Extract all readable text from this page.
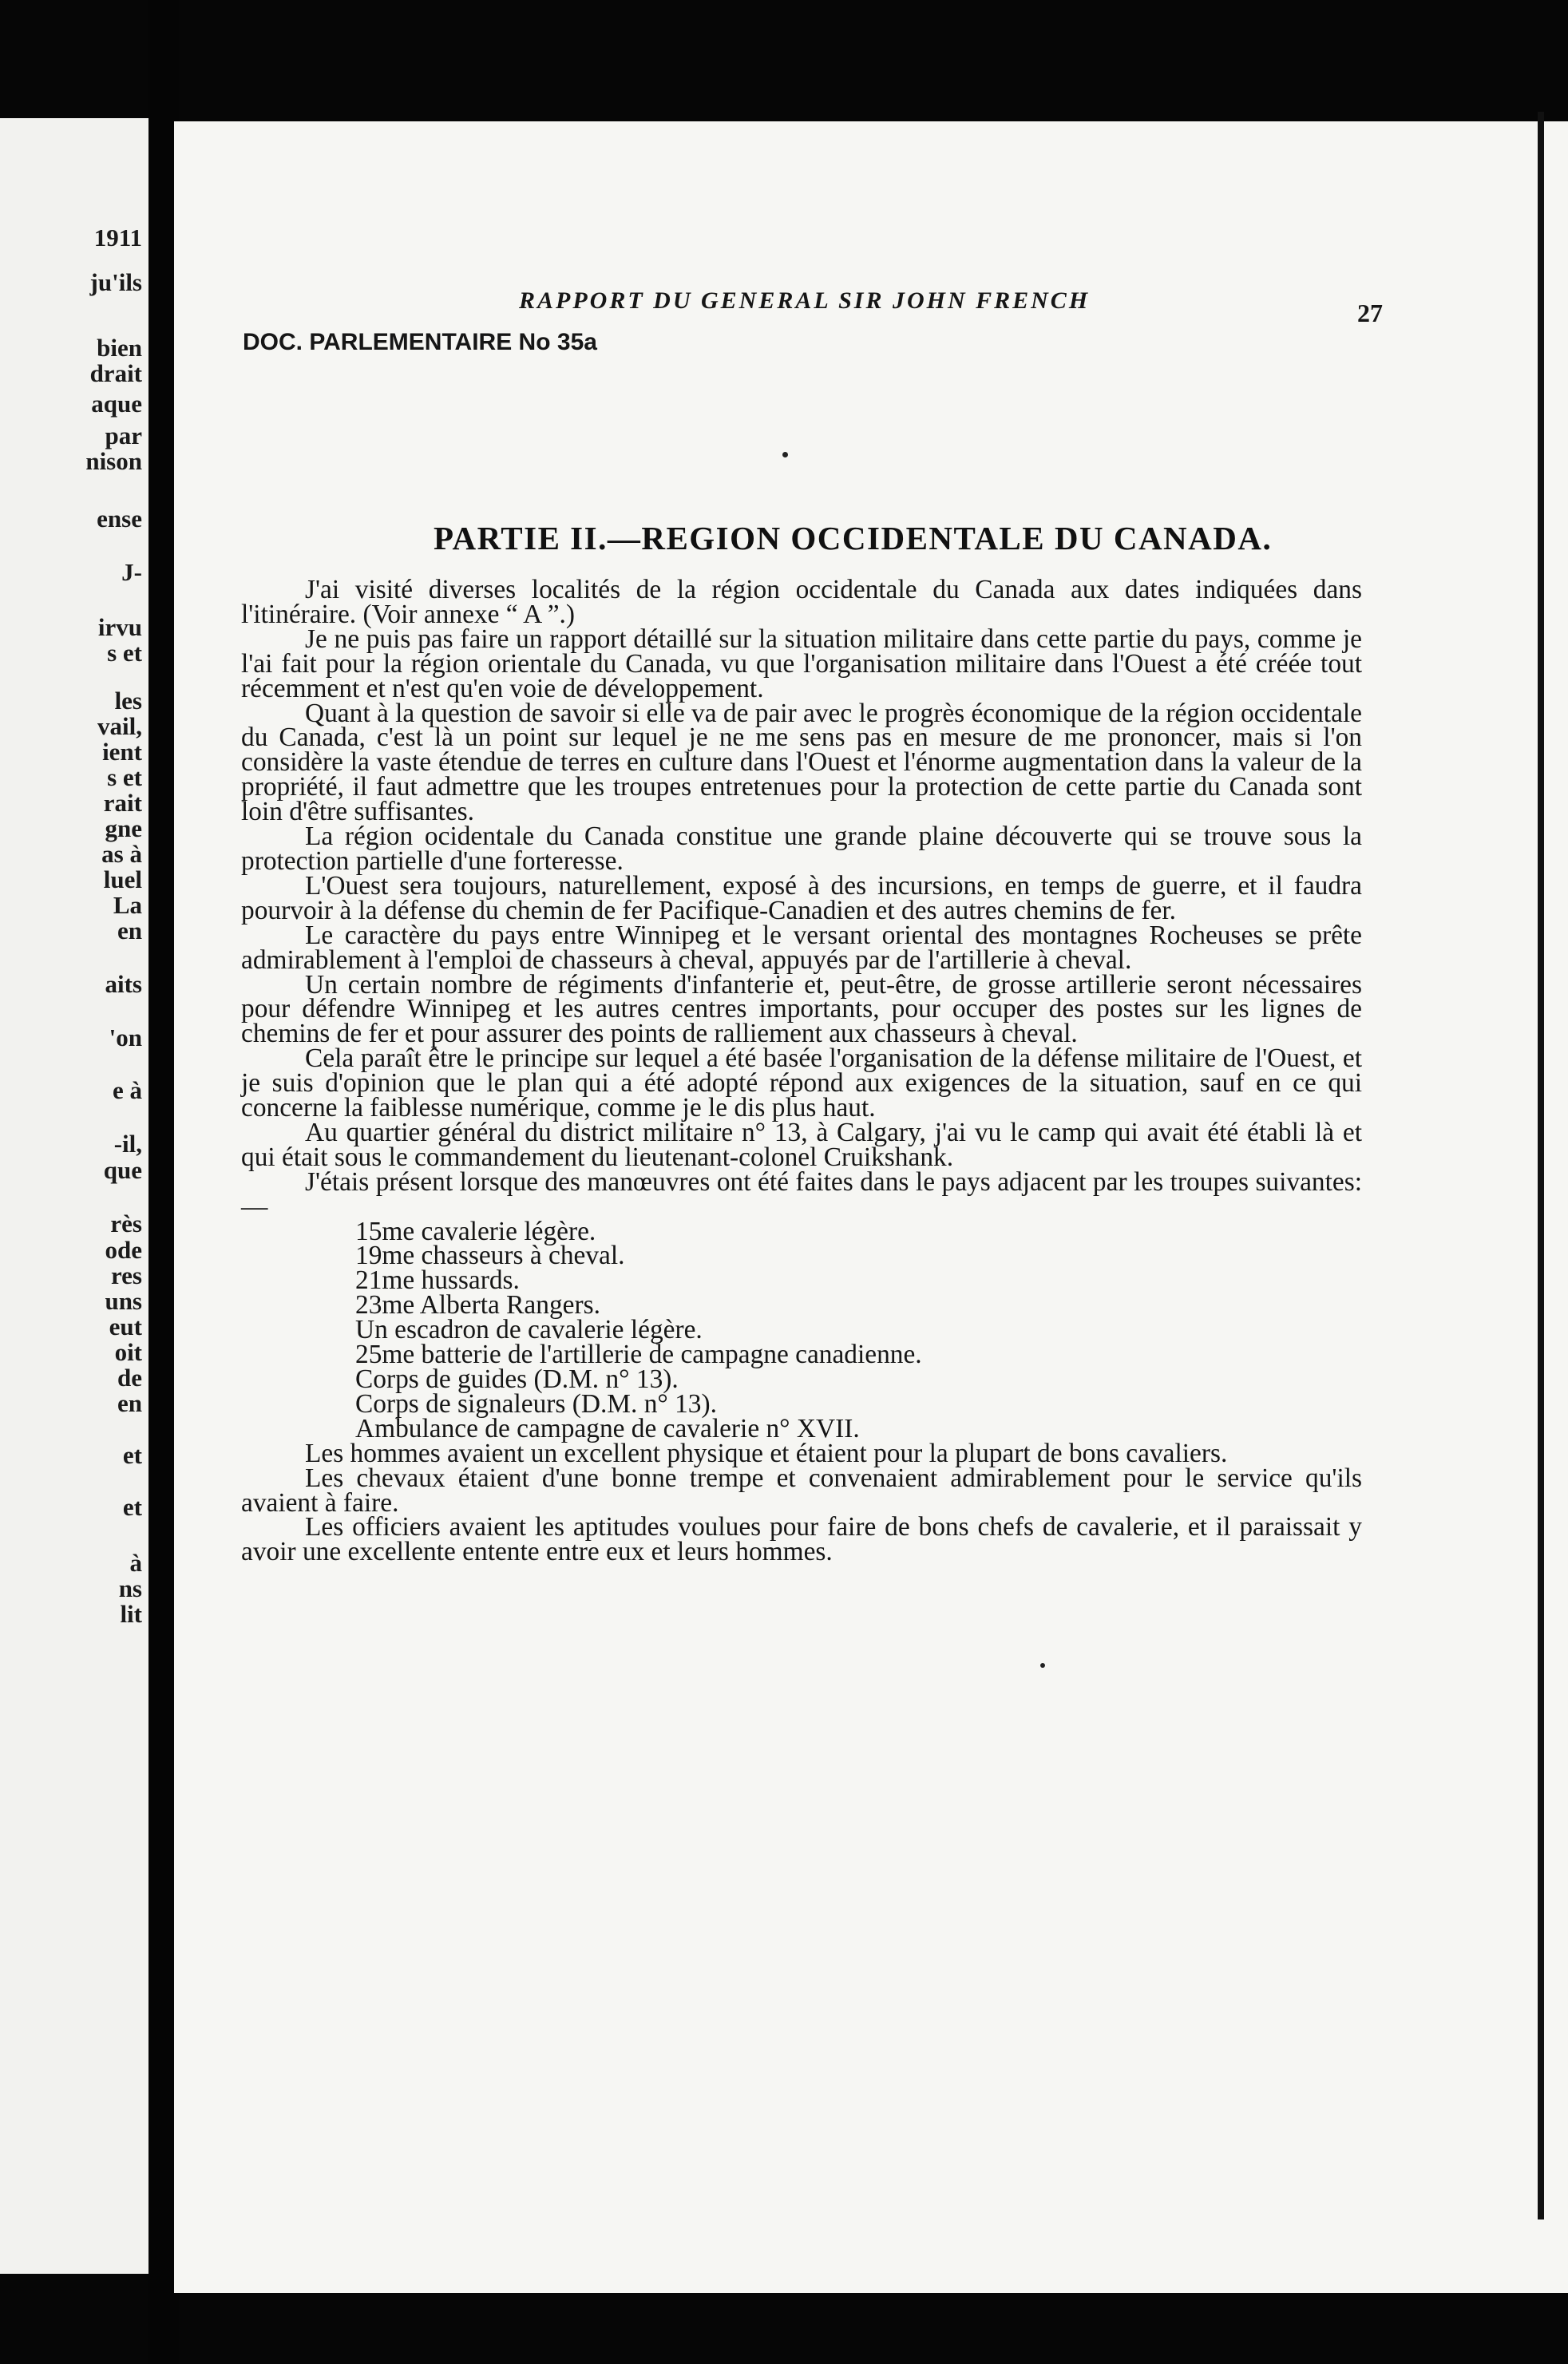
1911
ju'ils
bien
drait
aque
par
nison
ense
J-
irvu
s et
les
vail,
ient
s et
rait
gne
as à
luel
La
en
aits
'on
e à
-il,
que
rès
ode
res
uns
eut
oit
de
en
et
et
à
ns
lit
RAPPORT DU GENERAL SIR JOHN FRENCH	27
DOC. PARLEMENTAIRE No 35a
PARTIE II.—REGION OCCIDENTALE DU CANADA.

J'ai visité diverses localités de la région occidentale du Canada aux dates indiquées dans l'itinéraire. (Voir annexe “ A ”.)

Je ne puis pas faire un rapport détaillé sur la situation militaire dans cette partie du pays, comme je l'ai fait pour la région orientale du Canada, vu que l'organisation militaire dans l'Ouest a été créée tout récemment et n'est qu'en voie de développement.

Quant à la question de savoir si elle va de pair avec le progrès économique de la région occidentale du Canada, c'est là un point sur lequel je ne me sens pas en mesure de me prononcer, mais si l'on considère la vaste étendue de terres en culture dans l'Ouest et l'énorme augmentation dans la valeur de la propriété, il faut admettre que les troupes entretenues pour la protection de cette partie du Canada sont loin d'être suffisantes.

La région ocidentale du Canada constitue une grande plaine découverte qui se trouve sous la protection partielle d'une forteresse.

L'Ouest sera toujours, naturellement, exposé à des incursions, en temps de guerre, et il faudra pourvoir à la défense du chemin de fer Pacifique-Canadien et des autres chemins de fer.

Le caractère du pays entre Winnipeg et le versant oriental des montagnes Rocheuses se prête admirablement à l'emploi de chasseurs à cheval, appuyés par de l'artillerie à cheval.

Un certain nombre de régiments d'infanterie et, peut-être, de grosse artillerie seront nécessaires pour défendre Winnipeg et les autres centres importants, pour occuper des postes sur les lignes de chemins de fer et pour assurer des points de ralliement aux chasseurs à cheval.

Cela paraît être le principe sur lequel a été basée l'organisation de la défense militaire de l'Ouest, et je suis d'opinion que le plan qui a été adopté répond aux exigences de la situation, sauf en ce qui concerne la faiblesse numérique, comme je le dis plus haut.

Au quartier général du district militaire n° 13, à Calgary, j'ai vu le camp qui avait été établi là et qui était sous le commandement du lieutenant-colonel Cruikshank.

J'étais présent lorsque des manœuvres ont été faites dans le pays adjacent par les troupes suivantes:—

15me cavalerie légère.
19me chasseurs à cheval.
21me hussards.
23me Alberta Rangers.
Un escadron de cavalerie légère.
25me batterie de l'artillerie de campagne canadienne.
Corps de guides (D.M. n° 13).
Corps de signaleurs (D.M. n° 13).
Ambulance de campagne de cavalerie n° XVII.

Les hommes avaient un excellent physique et étaient pour la plupart de bons cavaliers.

Les chevaux étaient d'une bonne trempe et convenaient admirablement pour le service qu'ils avaient à faire.

Les officiers avaient les aptitudes voulues pour faire de bons chefs de cavalerie, et il paraissait y avoir une excellente entente entre eux et leurs hommes.
